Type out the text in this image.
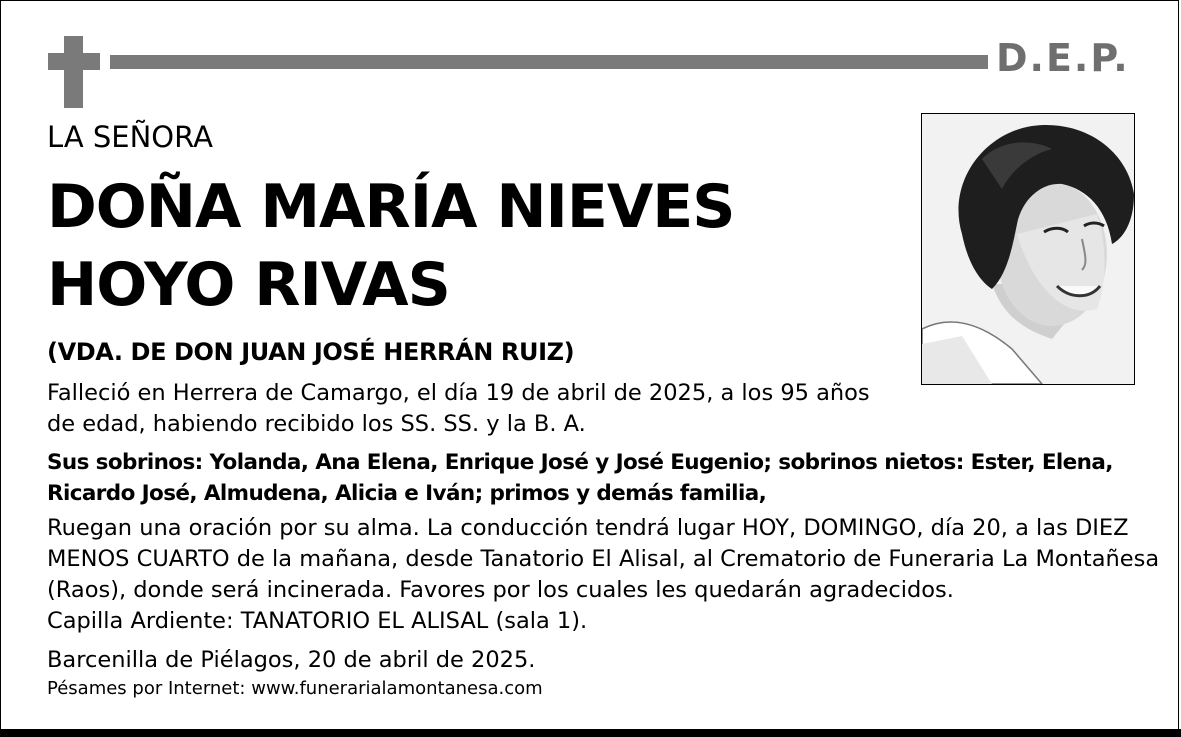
D.E.P.
LA SEÑORA
DOÑA MARÍA NIEVES
HOYO RIVAS
(VDA. DE DON JUAN JOSÉ HERRÁN RUIZ)
Falleció en Herrera de Camargo, el día 19 de abril de 2025, a los 95 años
de edad, habiendo recibido los SS. SS. y la B. A.
Sus sobrinos: Yolanda, Ana Elena, Enrique José y José Eugenio; sobrinos nietos: Ester, Elena,
Ricardo José, Almudena, Alicia e Iván; primos y demás familia,
Ruegan una oración por su alma. La conducción tendrá lugar HOY, DOMINGO, día 20, a las DIEZ
MENOS CUARTO de la mañana, desde Tanatorio El Alisal, al Crematorio de Funeraria La Montañesa
(Raos), donde será incinerada. Favores por los cuales les quedarán agradecidos.
Capilla Ardiente: TANATORIO EL ALISAL (sala 1).
Barcenilla de Piélagos, 20 de abril de 2025.
Pésames por Internet: www.funerarialamontanesa.com
